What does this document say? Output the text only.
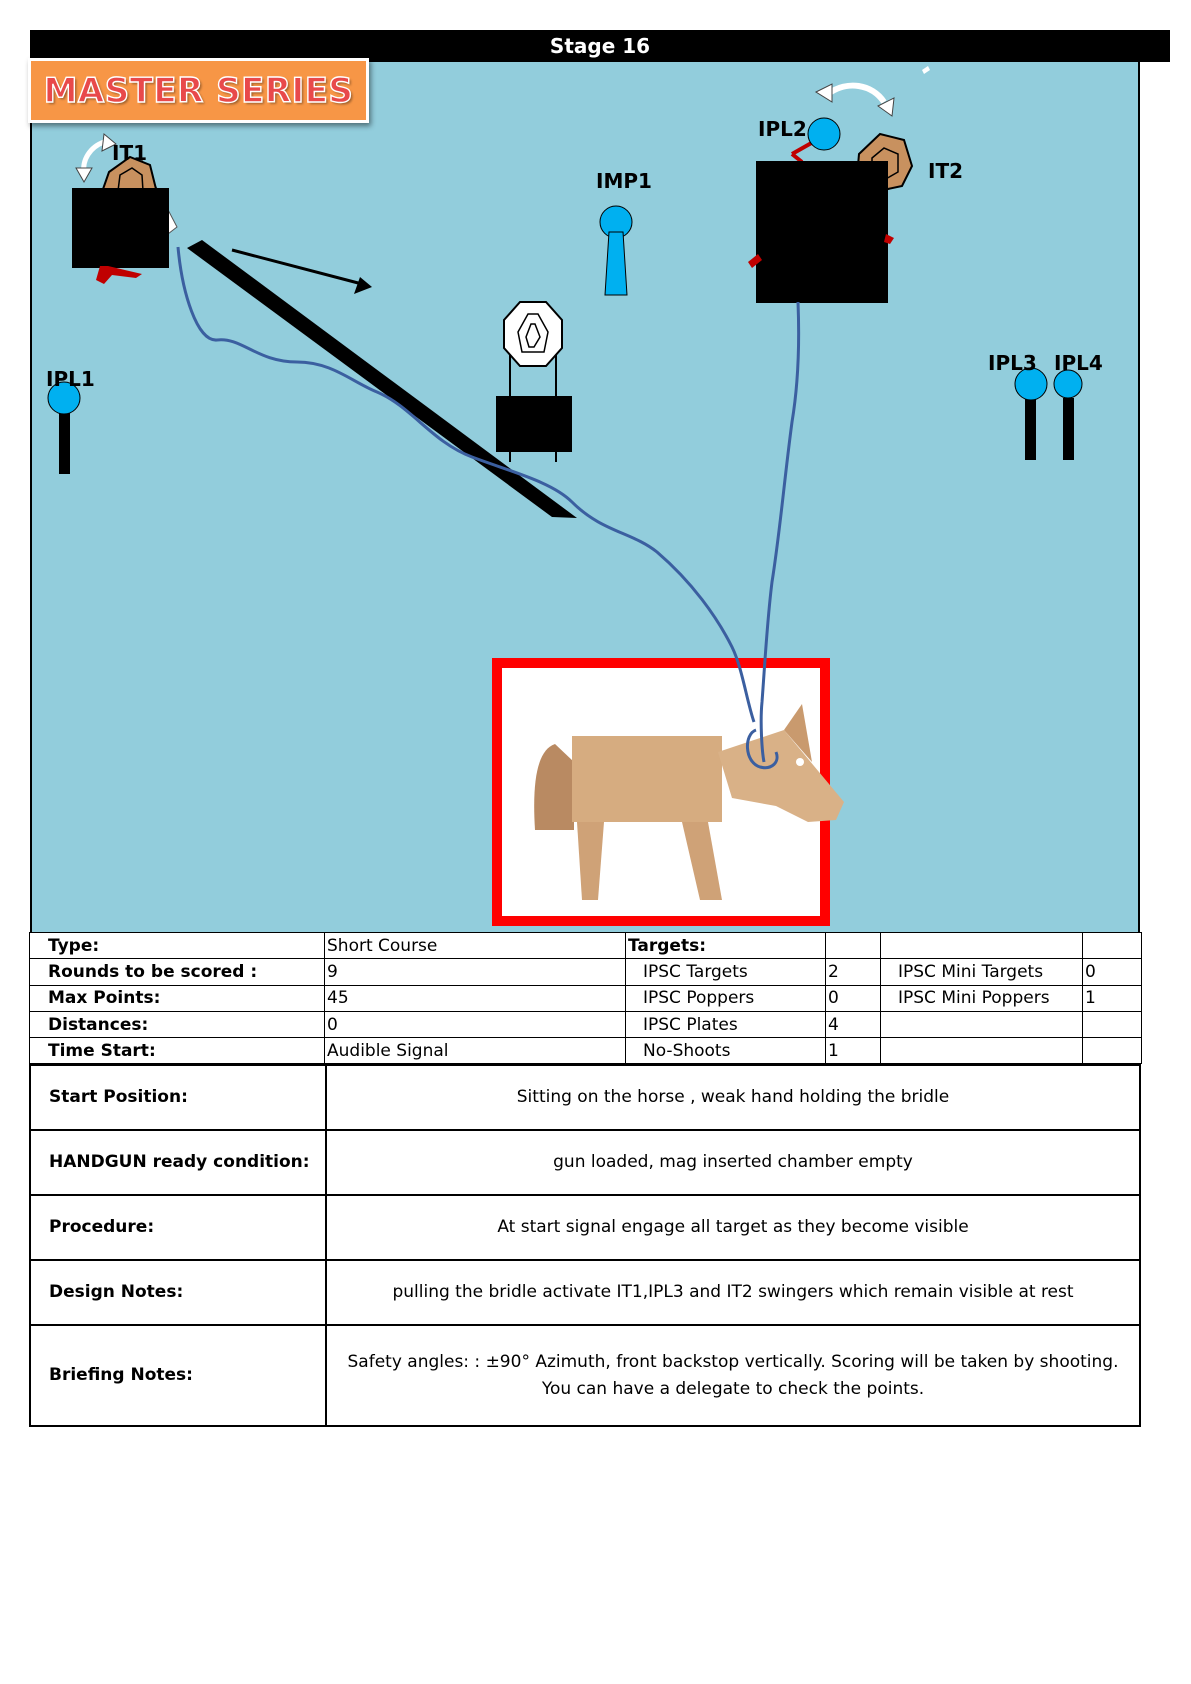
Stage 16
IT1
IMP1
IPL2
IT2
IPL1
IPL3 IPL4
MASTER SERIES
Type:	Short Course	Targets:			
Rounds to be scored :	9	IPSC Targets	2	IPSC Mini Targets	0
Max Points:	45	IPSC Poppers	0	IPSC Mini Poppers	1
Distances:	0	IPSC Plates	4		
Time Start:	Audible Signal	No-Shoots	1		
Start Position:	Sitting on the horse , weak hand holding the bridle
HANDGUN ready condition:	gun loaded, mag inserted chamber empty
Procedure:	At start signal engage all target as they become visible
Design Notes:	pulling the bridle activate IT1,IPL3 and IT2 swingers which remain visible at rest
Briefing Notes:	Safety angles: : ±90° Azimuth, front backstop vertically. Scoring will be taken by shooting. You can have a delegate to check the points.
